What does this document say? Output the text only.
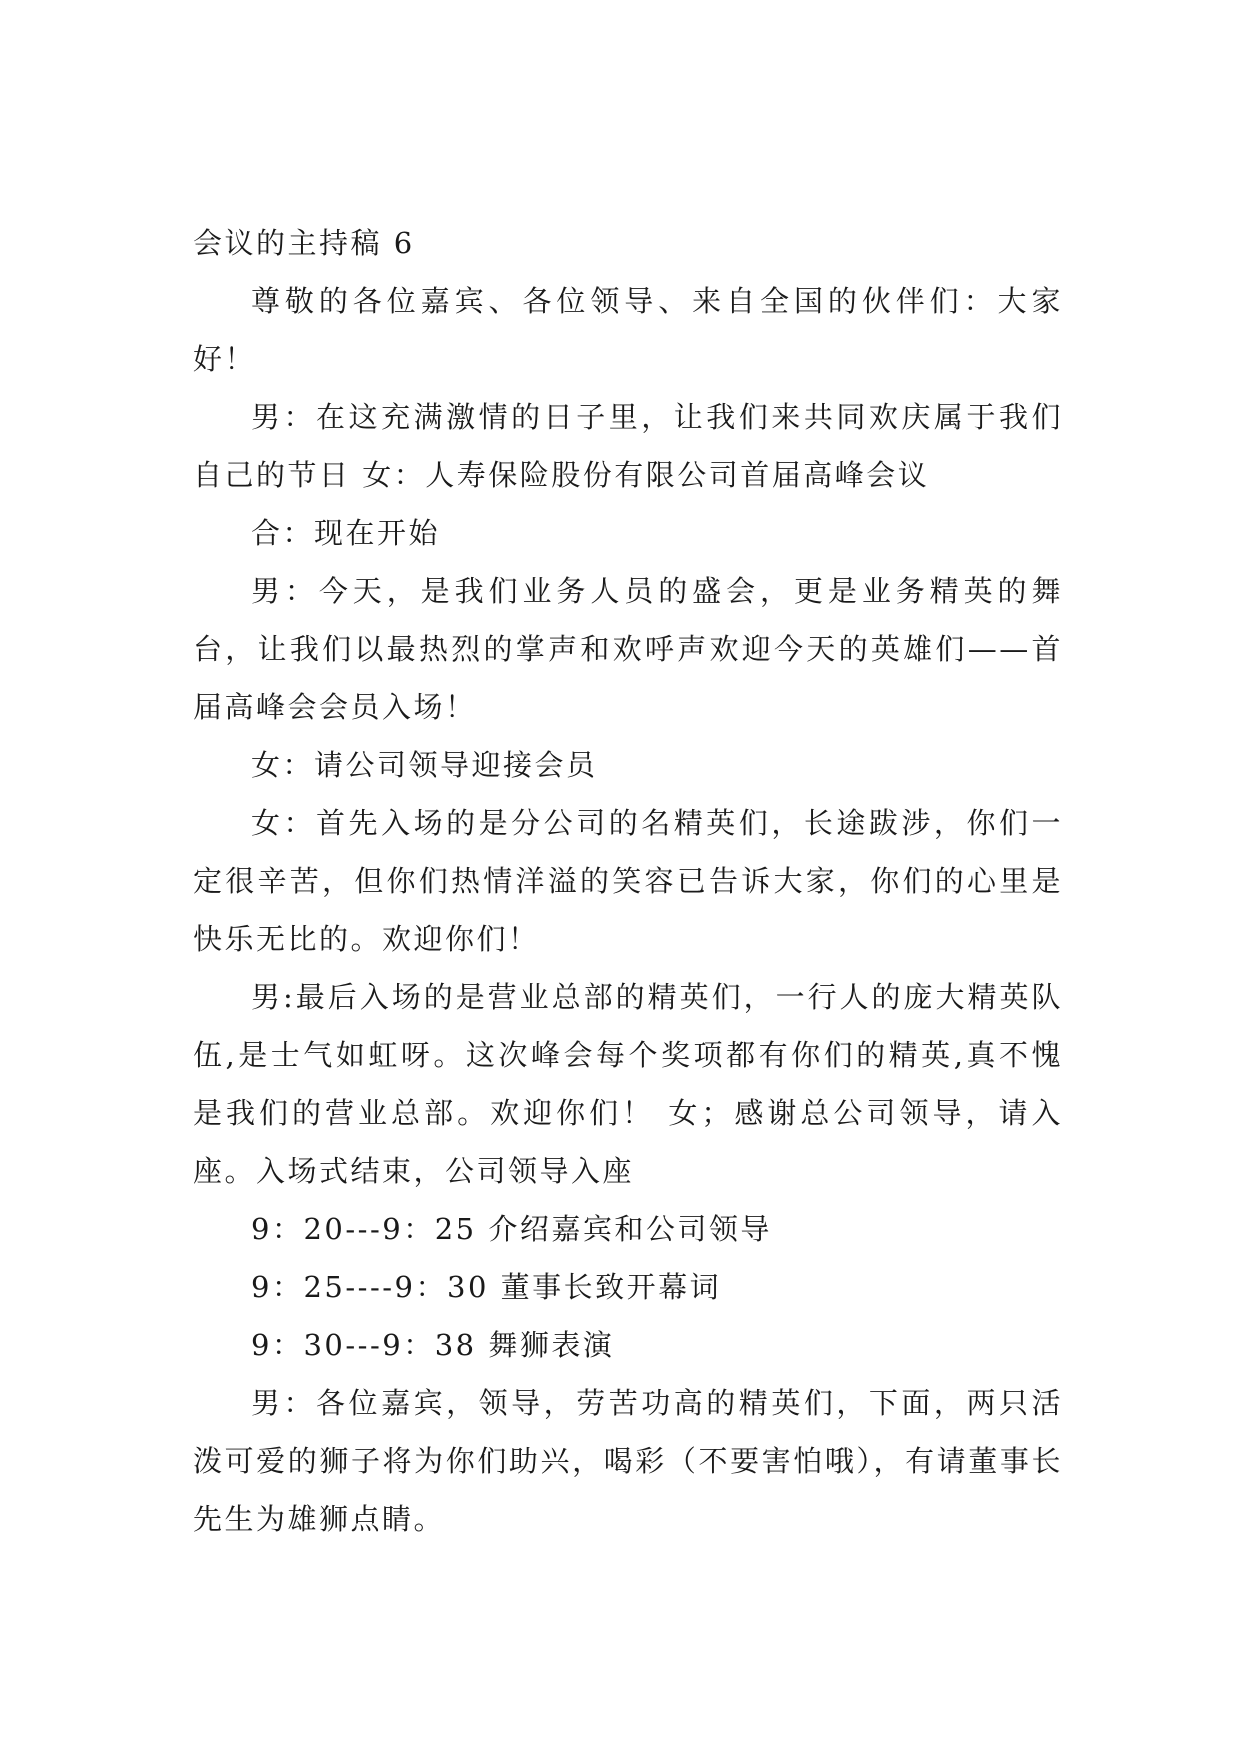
会议的主持稿 6

尊敬的各位嘉宾、各位领导、来自全国的伙伴们：大家好！

男：在这充满激情的日子里，让我们来共同欢庆属于我们自己的节日 女：人寿保险股份有限公司首届高峰会议

合：现在开始

男：今天，是我们业务人员的盛会，更是业务精英的舞台，让我们以最热烈的掌声和欢呼声欢迎今天的英雄们——首届高峰会会员入场！

女：请公司领导迎接会员

女：首先入场的是分公司的名精英们，长途跋涉，你们一定很辛苦，但你们热情洋溢的笑容已告诉大家，你们的心里是快乐无比的。欢迎你们！

男:最后入场的是营业总部的精英们，一行人的庞大精英队伍,是士气如虹呀。这次峰会每个奖项都有你们的精英,真不愧是我们的营业总部。欢迎你们！ 女；感谢总公司领导，请入座。入场式结束，公司领导入座

9：20---9：25 介绍嘉宾和公司领导

9：25----9：30 董事长致开幕词

9：30---9：38 舞狮表演

男：各位嘉宾，领导，劳苦功高的精英们，下面，两只活泼可爱的狮子将为你们助兴，喝彩（不要害怕哦），有请董事长先生为雄狮点睛。
